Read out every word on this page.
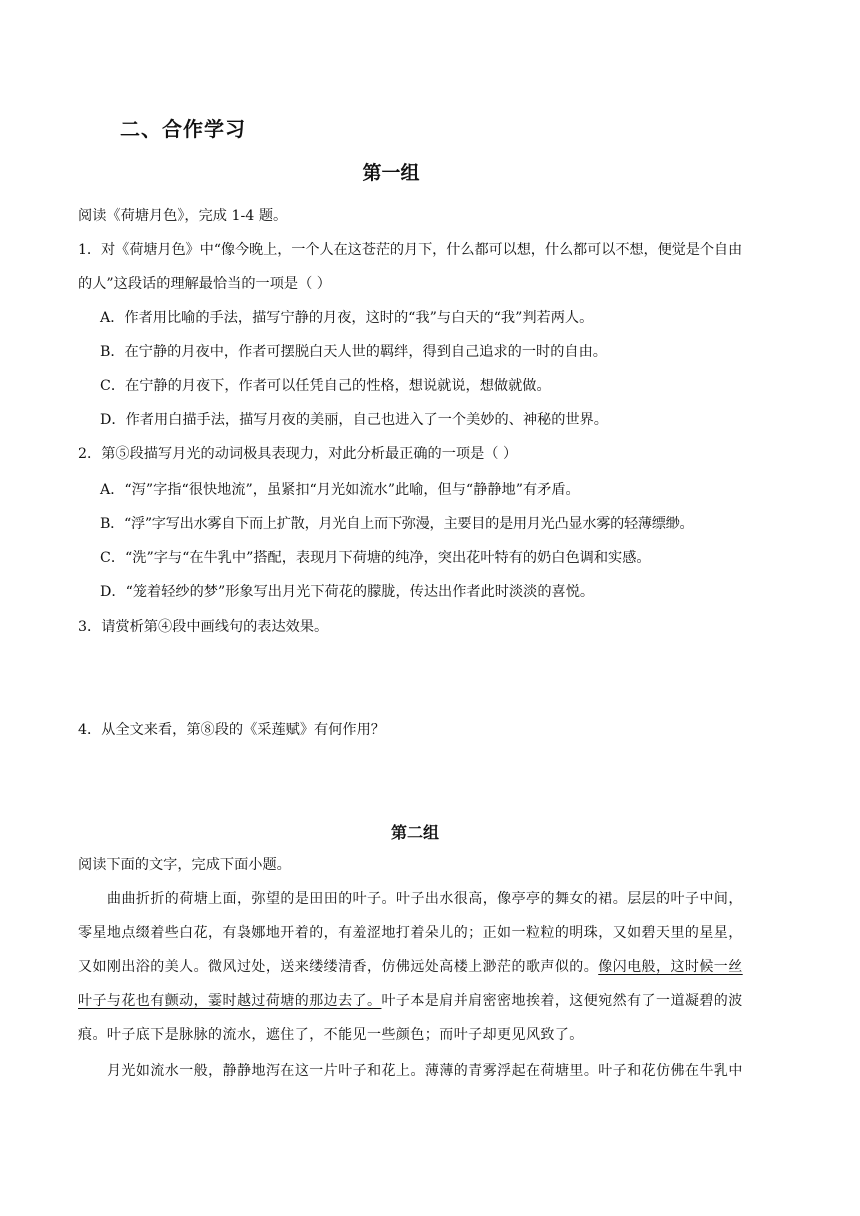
二、合作学习
第一组

阅读《荷塘月色》，完成 1-4 题。

1．对《荷塘月色》中“像今晚上，一个人在这苍茫的月下，什么都可以想，什么都可以不想，便觉是个自由

的人”这段话的理解最恰当的一项是（ ）

A．作者用比喻的手法，描写宁静的月夜，这时的“我”与白天的“我”判若两人。

B．在宁静的月夜中，作者可摆脱白天人世的羁绊，得到自己追求的一时的自由。

C．在宁静的月夜下，作者可以任凭自己的性格，想说就说，想做就做。

D．作者用白描手法，描写月夜的美丽，自己也进入了一个美妙的、神秘的世界。

2．第⑤段描写月光的动词极具表现力，对此分析最正确的一项是（ ）

A．“泻”字指“很快地流”，虽紧扣“月光如流水”此喻，但与“静静地”有矛盾。

B．“浮”字写出水雾自下而上扩散，月光自上而下弥漫，主要目的是用月光凸显水雾的轻薄缥缈。

C．“洗”字与“在牛乳中”搭配，表现月下荷塘的纯净，突出花叶特有的奶白色调和实感。

D．“笼着轻纱的梦”形象写出月光下荷花的朦胧，传达出作者此时淡淡的喜悦。

3．请赏析第④段中画线句的表达效果。

4．从全文来看，第⑧段的《采莲赋》有何作用？

第二组

阅读下面的文字，完成下面小题。

曲曲折折的荷塘上面，弥望的是田田的叶子。叶子出水很高，像亭亭的舞女的裙。层层的叶子中间，

零星地点缀着些白花，有袅娜地开着的，有羞涩地打着朵儿的；正如一粒粒的明珠，又如碧天里的星星，

又如刚出浴的美人。微风过处，送来缕缕清香，仿佛远处高楼上渺茫的歌声似的。像闪电般，这时候一丝

叶子与花也有颤动，霎时越过荷塘的那边去了。叶子本是肩并肩密密地挨着，这便宛然有了一道凝碧的波

痕。叶子底下是脉脉的流水，遮住了，不能见一些颜色；而叶子却更见风致了。

月光如流水一般，静静地泻在这一片叶子和花上。薄薄的青雾浮起在荷塘里。叶子和花仿佛在牛乳中
